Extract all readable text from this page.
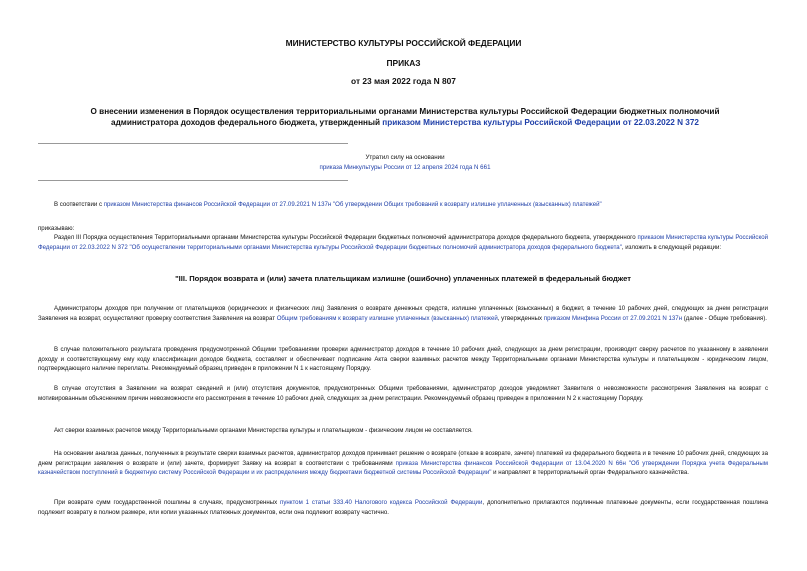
МИНИСТЕРСТВО КУЛЬТУРЫ РОССИЙСКОЙ ФЕДЕРАЦИИ
ПРИКАЗ
от 23 мая 2022 года N 807
О внесении изменения в Порядок осуществления территориальными органами Министерства культуры Российской Федерации бюджетных полномочий администратора доходов федерального бюджета, утвержденный приказом Министерства культуры Российской Федерации от 22.03.2022 N 372
Утратил силу на основании
приказа Минкультуры России от 12 апреля 2024 года N 661
В соответствии с приказом Министерства финансов Российской Федерации от 27.09.2021 N 137н "Об утверждении Общих требований к возврату излишне уплаченных (взысканных) платежей"
приказываю:
Раздел III Порядка осуществления Территориальными органами Министерства культуры Российской Федерации бюджетных полномочий администратора доходов федерального бюджета, утвержденного приказом Министерства культуры Российской Федерации от 22.03.2022 N 372 "Об осуществлении территориальными органами Министерства культуры Российской Федерации бюджетных полномочий администратора доходов федерального бюджета", изложить в следующей редакции:
"III. Порядок возврата и (или) зачета плательщикам излишне (ошибочно) уплаченных платежей в федеральный бюджет
Администраторы доходов при получении от плательщиков (юридических и физических лиц) Заявления о возврате денежных средств, излишне уплаченных (взысканных) в бюджет, в течение 10 рабочих дней, следующих за днем регистрации Заявления на возврат, осуществляют проверку соответствия Заявления на возврат Общим требованиям к возврату излишне уплаченных (взысканных) платежей, утвержденных приказом Минфина России от 27.09.2021 N 137н (далее - Общие требования).
В случае положительного результата проведения предусмотренной Общими требованиями проверки администратор доходов в течение 10 рабочих дней, следующих за днем регистрации, производит сверку расчетов по указанному в заявлении доходу и соответствующему ему коду классификации доходов бюджета, составляет и обеспечивает подписание Акта сверки взаимных расчетов между Территориальными органами Министерства культуры и плательщиком - юридическим лицом, подтверждающего наличие переплаты. Рекомендуемый образец приведен в приложении N 1 к настоящему Порядку.
В случае отсутствия в Заявлении на возврат сведений и (или) отсутствия документов, предусмотренных Общими требованиями, администратор доходов уведомляет Заявителя о невозможности рассмотрения Заявления на возврат с мотивированным объяснением причин невозможности его рассмотрения в течение 10 рабочих дней, следующих за днем регистрации. Рекомендуемый образец приведен в приложении N 2 к настоящему Порядку.
Акт сверки взаимных расчетов между Территориальными органами Министерства культуры и плательщиком - физическим лицом не составляется.
На основании анализа данных, полученных в результате сверки взаимных расчетов, администратор доходов принимает решение о возврате (отказе в возврате, зачете) платежей из федерального бюджета и в течение 10 рабочих дней, следующих за днем регистрации заявления о возврате и (или) зачете, формирует Заявку на возврат в соответствии с требованиями приказа Министерства финансов Российской Федерации от 13.04.2020 N 66н "Об утверждении Порядка учета Федеральным казначейством поступлений в бюджетную систему Российской Федерации и их распределения между бюджетами бюджетной системы Российской Федерации" и направляет в территориальный орган Федерального казначейства.
При возврате сумм государственной пошлины в случаях, предусмотренных пунктом 1 статьи 333.40 Налогового кодекса Российской Федерации, дополнительно прилагаются подлинные платежные документы, если государственная пошлина подлежит возврату в полном размере, или копии указанных платежных документов, если она подлежит возврату частично.
